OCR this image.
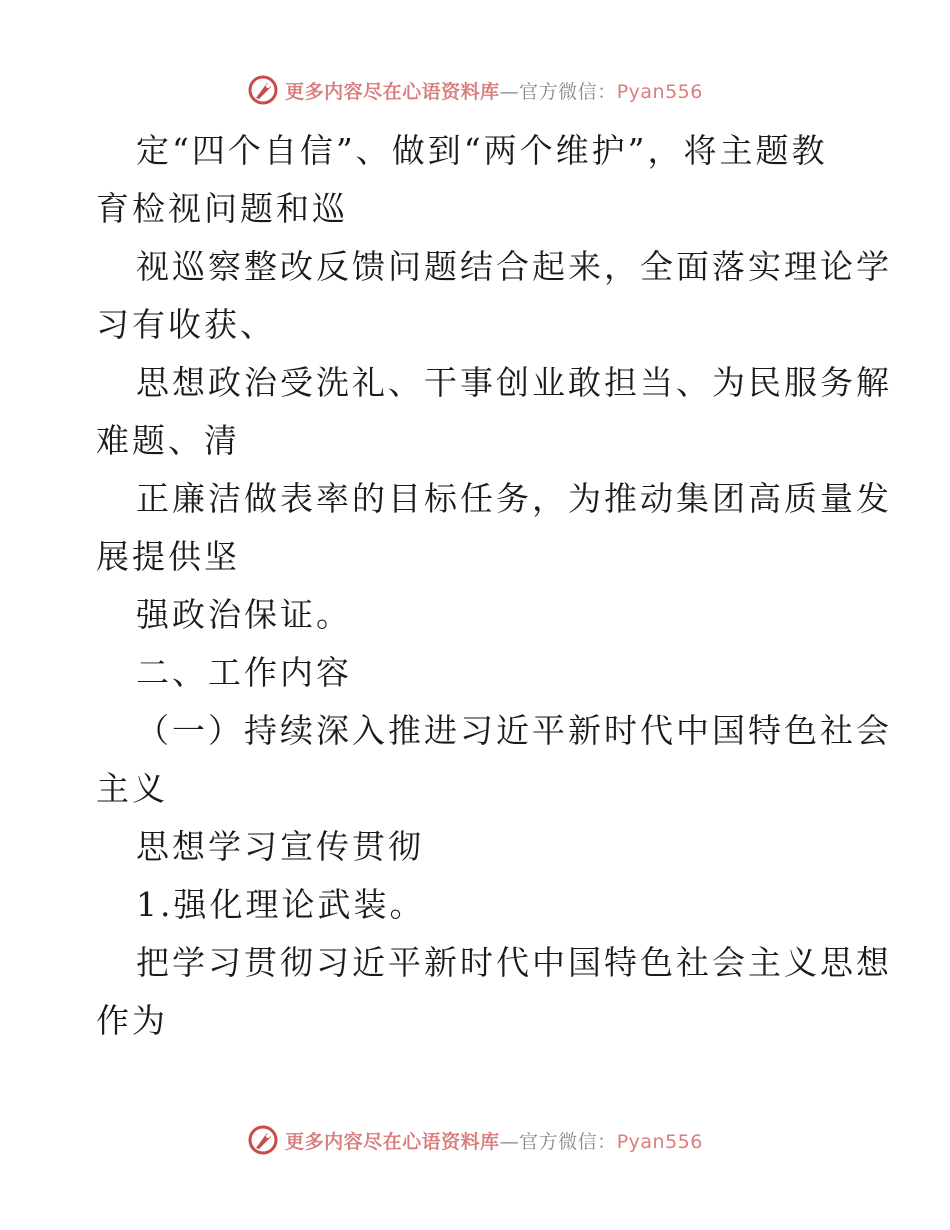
更多内容尽在心语资料库—官方微信：Pyan556
定“四个自信”、做到“两个维护”，将主题教
育检视问题和巡
视巡察整改反馈问题结合起来，全面落实理论学
习有收获、
思想政治受洗礼、干事创业敢担当、为民服务解
难题、清
正廉洁做表率的目标任务，为推动集团高质量发
展提供坚
强政治保证。
二、工作内容
（一）持续深入推进习近平新时代中国特色社会
主义
思想学习宣传贯彻
1.强化理论武装。
把学习贯彻习近平新时代中国特色社会主义思想
作为
更多内容尽在心语资料库—官方微信：Pyan556
